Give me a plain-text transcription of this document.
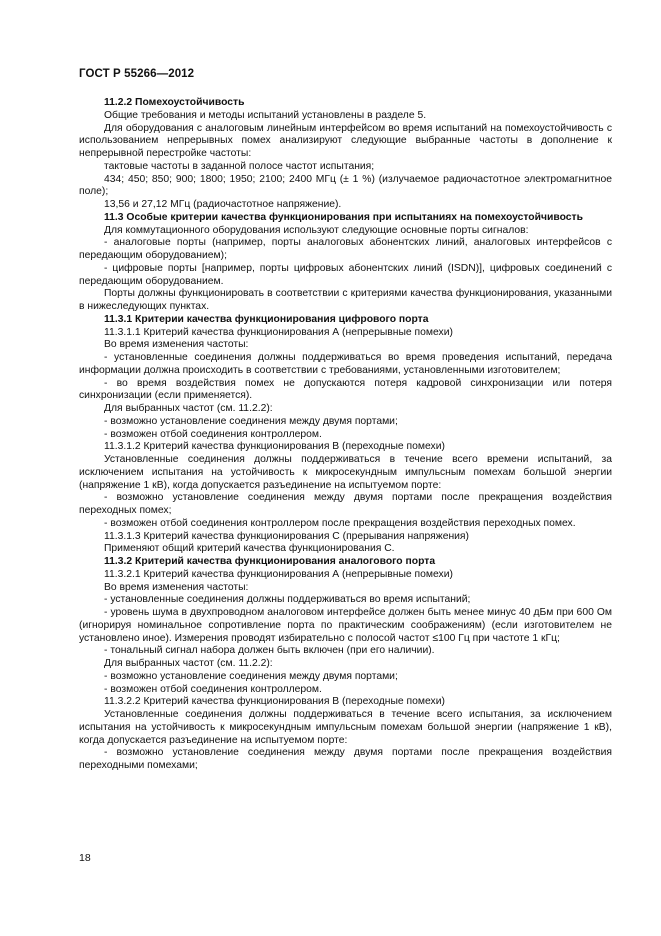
ГОСТ Р 55266—2012

11.2.2 Помехоустойчивость

Общие требования и методы испытаний установлены в разделе 5.

Для оборудования с аналоговым линейным интерфейсом во время испытаний на помехоустойчивость с использованием непрерывных помех анализируют следующие выбранные частоты в дополнение к непрерывной перестройке частоты:

тактовые частоты в заданной полосе частот испытания;

434; 450; 850; 900; 1800; 1950; 2100; 2400 МГц (± 1 %) (излучаемое радиочастотное электромагнитное поле);

13,56 и 27,12 МГц (радиочастотное напряжение).

11.3 Особые критерии качества функционирования при испытаниях на помехоустойчивость

Для коммутационного оборудования используют следующие основные порты сигналов:

- аналоговые порты (например, порты аналоговых абонентских линий, аналоговых интерфейсов с передающим оборудованием);

- цифровые порты [например, порты цифровых абонентских линий (ISDN)], цифровых соединений с передающим оборудованием.

Порты должны функционировать в соответствии с критериями качества функционирования, указанными в нижеследующих пунктах.

11.3.1 Критерии качества функционирования цифрового порта

11.3.1.1 Критерий качества функционирования А (непрерывные помехи)

Во время изменения частоты:

- установленные соединения должны поддерживаться во время проведения испытаний, передача информации должна происходить в соответствии с требованиями, установленными изготовителем;

- во время воздействия помех не допускаются потеря кадровой синхронизации или потеря синхронизации (если применяется).

Для выбранных частот (см. 11.2.2):

- возможно установление соединения между двумя портами;

- возможен отбой соединения контроллером.

11.3.1.2 Критерий качества функционирования В (переходные помехи)

Установленные соединения должны поддерживаться в течение всего времени испытаний, за исключением испытания на устойчивость к микросекундным импульсным помехам большой энергии (напряжение 1 кВ), когда допускается разъединение на испытуемом порте:

- возможно установление соединения между двумя портами после прекращения воздействия переходных помех;

- возможен отбой соединения контроллером после прекращения воздействия переходных помех.

11.3.1.3 Критерий качества функционирования С (прерывания напряжения)

Применяют общий критерий качества функционирования С.

11.3.2 Критерий качества функционирования аналогового порта

11.3.2.1 Критерий качества функционирования А (непрерывные помехи)

Во время изменения частоты:

- установленные соединения должны поддерживаться во время испытаний;

- уровень шума в двухпроводном аналоговом интерфейсе должен быть менее минус 40 дБм при 600 Ом (игнорируя номинальное сопротивление порта по практическим соображениям) (если изготовителем не установлено иное). Измерения проводят избирательно с полосой частот ≤100 Гц при частоте 1 кГц;

- тональный сигнал набора должен быть включен (при его наличии).

Для выбранных частот (см. 11.2.2):

- возможно установление соединения между двумя портами;

- возможен отбой соединения контроллером.

11.3.2.2 Критерий качества функционирования В (переходные помехи)

Установленные соединения должны поддерживаться в течение всего испытания, за исключением испытания на устойчивость к микросекундным импульсным помехам большой энергии (напряжение 1 кВ), когда допускается разъединение на испытуемом порте:

- возможно установление соединения между двумя портами после прекращения воздействия переходными помехами;

18
